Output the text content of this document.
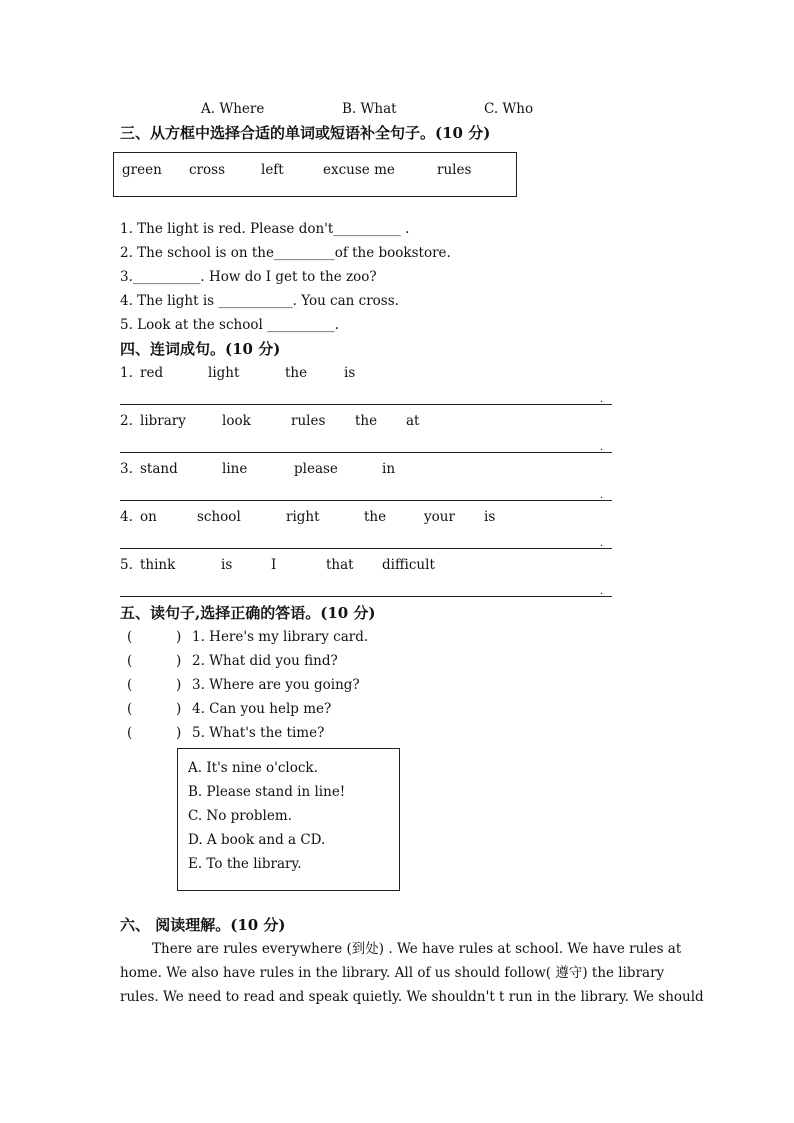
A. Where	B. What	C. Who
三、从方框中选择合适的单词或短语补全句子。(10 分)
green cross	left	excuse me	rules
1. The light is red. Please don't__________ .
2. The school is on the_________of the bookstore.
3.__________. How do I get to the zoo?
4. The light is ___________. You can cross.
5. Look at the school __________.
四、连词成句。(10 分)
1. red	light	the	is
.
2. library	look	rules the at
.
3. stand	line	please	in
.
4. on	school	right	the	your is
.
5. think	is	I	that difficult
.
五、读句子,选择正确的答语。(10 分)
(	) 1. Here's my library card.
(	) 2. What did you find?
(	) 3. Where are you going?
(	) 4. Can you help me?
(	) 5. What's the time?
A. It's nine o'clock.
B. Please stand in line!
C. No problem.
D. A book and a CD.
E. To the library.
六、 阅读理解。(10 分)
There are rules everywhere (到处) . We have rules at school. We have rules at
home. We also have rules in the library. All of us should follow( 遵守) the library
rules. We need to read and speak quietly. We shouldn't t run in the library. We should
